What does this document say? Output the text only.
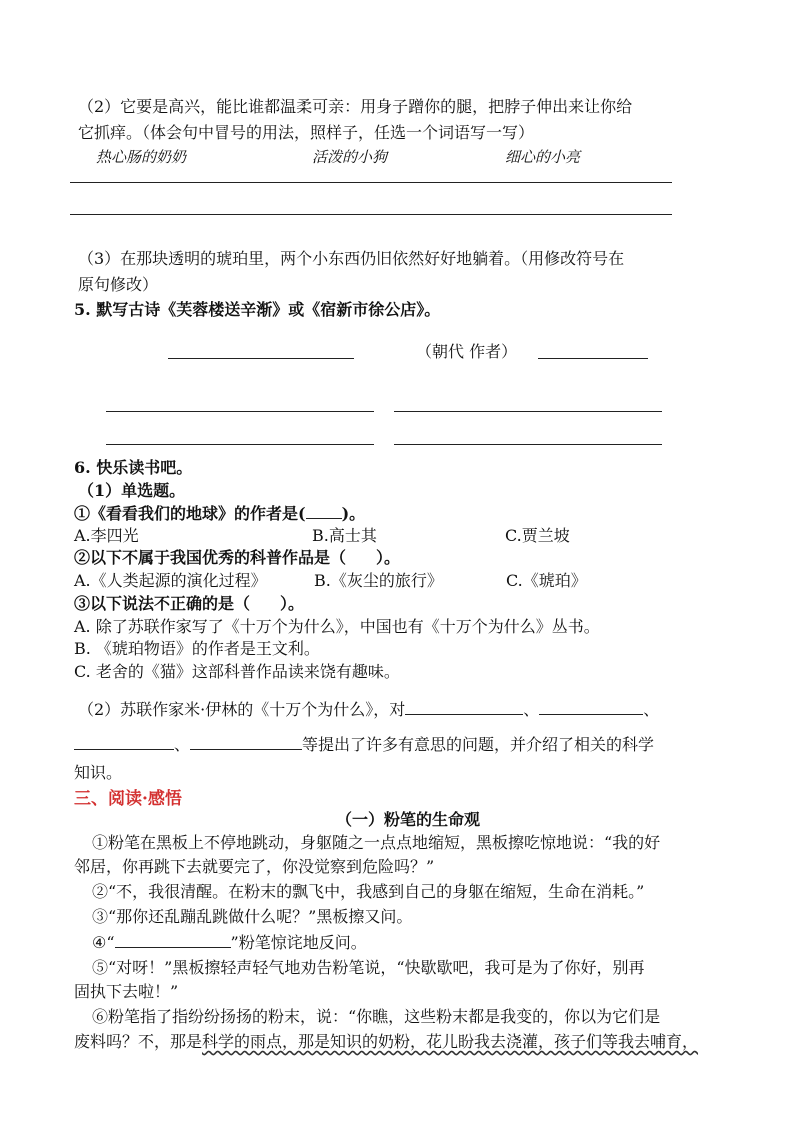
（2）它要是高兴，能比谁都温柔可亲：用身子蹭你的腿，把脖子伸出来让你给
它抓痒。（体会句中冒号的用法，照样子，任选一个词语写一写）
热心肠的奶奶	活泼的小狗	细心的小亮
（3）在那块透明的琥珀里，两个小东西仍旧依然好好地躺着。（用修改符号在
原句修改）
5. 默写古诗《芙蓉楼送辛渐》或《宿新市徐公店》。
（朝代 作者）
6. 快乐读书吧。
（1）单选题。
①《看看我们的地球》的作者是( )。
A.李四光	B.高士其	C.贾兰坡
②以下不属于我国优秀的科普作品是（ ）。
A.《人类起源的演化过程》	B.《灰尘的旅行》	C.《琥珀》
③以下说法不正确的是（ ）。
A. 除了苏联作家写了《十万个为什么》，中国也有《十万个为什么》丛书。
B. 《琥珀物语》的作者是王文利。
C. 老舍的《猫》这部科普作品读来饶有趣味。
（2）苏联作家米·伊林的《十万个为什么》，对	、	、
、	等提出了许多有意思的问题，并介绍了相关的科学
知识。
三、阅读·感悟
（一）粉笔的生命观
①粉笔在黑板上不停地跳动，身躯随之一点点地缩短，黑板擦吃惊地说：“我的好
邻居，你再跳下去就要完了，你没觉察到危险吗？”
②“不，我很清醒。在粉末的飘飞中，我感到自己的身躯在缩短，生命在消耗。”
③“那你还乱蹦乱跳做什么呢？”黑板擦又问。
④“	”粉笔惊诧地反问。
⑤“对呀！”黑板擦轻声轻气地劝告粉笔说，“快歇歇吧，我可是为了你好，别再
固执下去啦！”
⑥粉笔指了指纷纷扬扬的粉末，说：“你瞧，这些粉末都是我变的，你以为它们是
废料吗？不，那是科学的雨点，那是知识的奶粉，花儿盼我去浇灌，孩子们等我去哺育，
